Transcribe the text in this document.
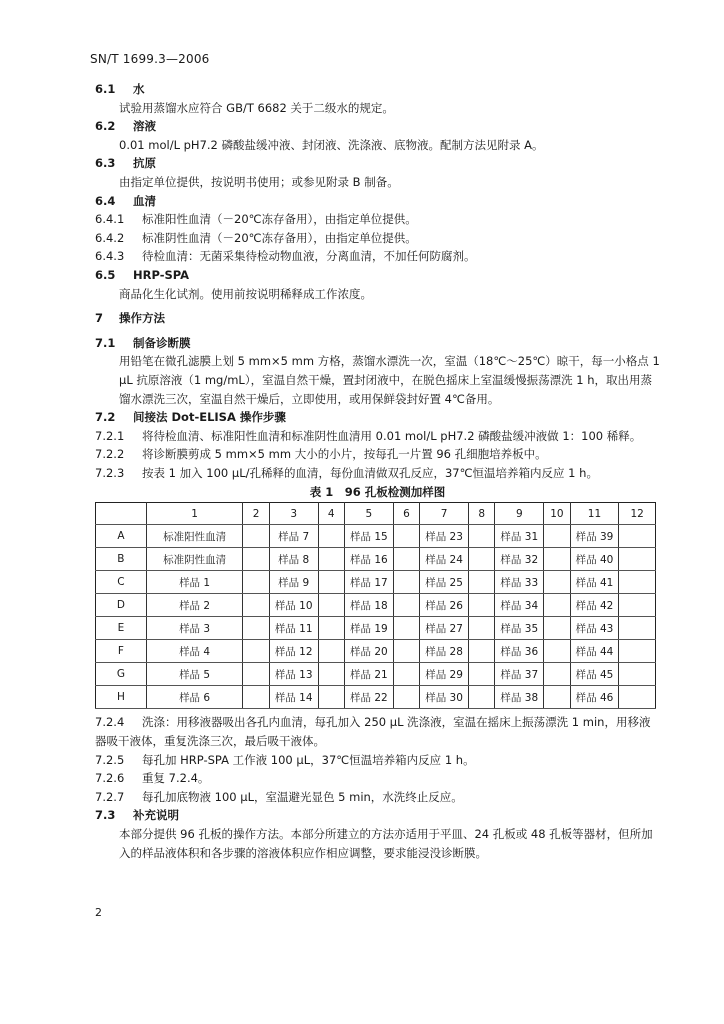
SN/T 1699.3—2006
6.1 水
试验用蒸馏水应符合 GB/T 6682 关于二级水的规定。
6.2 溶液
0.01 mol/L pH7.2 磷酸盐缓冲液、封闭液、洗涤液、底物液。配制方法见附录 A。
6.3 抗原
由指定单位提供，按说明书使用；或参见附录 B 制备。
6.4 血清
6.4.1 标准阳性血清（－20℃冻存备用），由指定单位提供。
6.4.2 标准阴性血清（－20℃冻存备用），由指定单位提供。
6.4.3 待检血清：无菌采集待检动物血液，分离血清，不加任何防腐剂。
6.5 HRP-SPA
商品化生化试剂。使用前按说明稀释成工作浓度。
7 操作方法
7.1 制备诊断膜
用铅笔在微孔滤膜上划 5 mm×5 mm 方格，蒸馏水漂洗一次，室温（18℃～25℃）晾干，每一小格点 1 μL 抗原溶液（1 mg/mL），室温自然干燥，置封闭液中，在脱色摇床上室温缓慢振荡漂洗 1 h，取出用蒸馏水漂洗三次，室温自然干燥后，立即使用，或用保鲜袋封好置 4℃备用。
7.2 间接法 Dot-ELISA 操作步骤
7.2.1 将待检血清、标准阳性血清和标准阴性血清用 0.01 mol/L pH7.2 磷酸盐缓冲液做 1：100 稀释。
7.2.2 将诊断膜剪成 5 mm×5 mm 大小的小片，按每孔一片置 96 孔细胞培养板中。
7.2.3 按表 1 加入 100 μL/孔稀释的血清，每份血清做双孔反应，37℃恒温培养箱内反应 1 h。
表 1　96 孔板检测加样图
	1	2	3	4	5	6	7	8	9	10	11	12
A	标准阳性血清		样品 7		样品 15		样品 23		样品 31		样品 39	
B	标准阴性血清		样品 8		样品 16		样品 24		样品 32		样品 40	
C	样品 1		样品 9		样品 17		样品 25		样品 33		样品 41	
D	样品 2		样品 10		样品 18		样品 26		样品 34		样品 42	
E	样品 3		样品 11		样品 19		样品 27		样品 35		样品 43	
F	样品 4		样品 12		样品 20		样品 28		样品 36		样品 44	
G	样品 5		样品 13		样品 21		样品 29		样品 37		样品 45	
H	样品 6		样品 14		样品 22		样品 30		样品 38		样品 46	
7.2.4 洗涤：用移液器吸出各孔内血清，每孔加入 250 μL 洗涤液，室温在摇床上振荡漂洗 1 min，用移液器吸干液体，重复洗涤三次，最后吸干液体。
7.2.5 每孔加 HRP-SPA 工作液 100 μL，37℃恒温培养箱内反应 1 h。
7.2.6 重复 7.2.4。
7.2.7 每孔加底物液 100 μL，室温避光显色 5 min，水洗终止反应。
7.3 补充说明
本部分提供 96 孔板的操作方法。本部分所建立的方法亦适用于平皿、24 孔板或 48 孔板等器材，但所加入的样品液体积和各步骤的溶液体积应作相应调整，要求能浸没诊断膜。
2
